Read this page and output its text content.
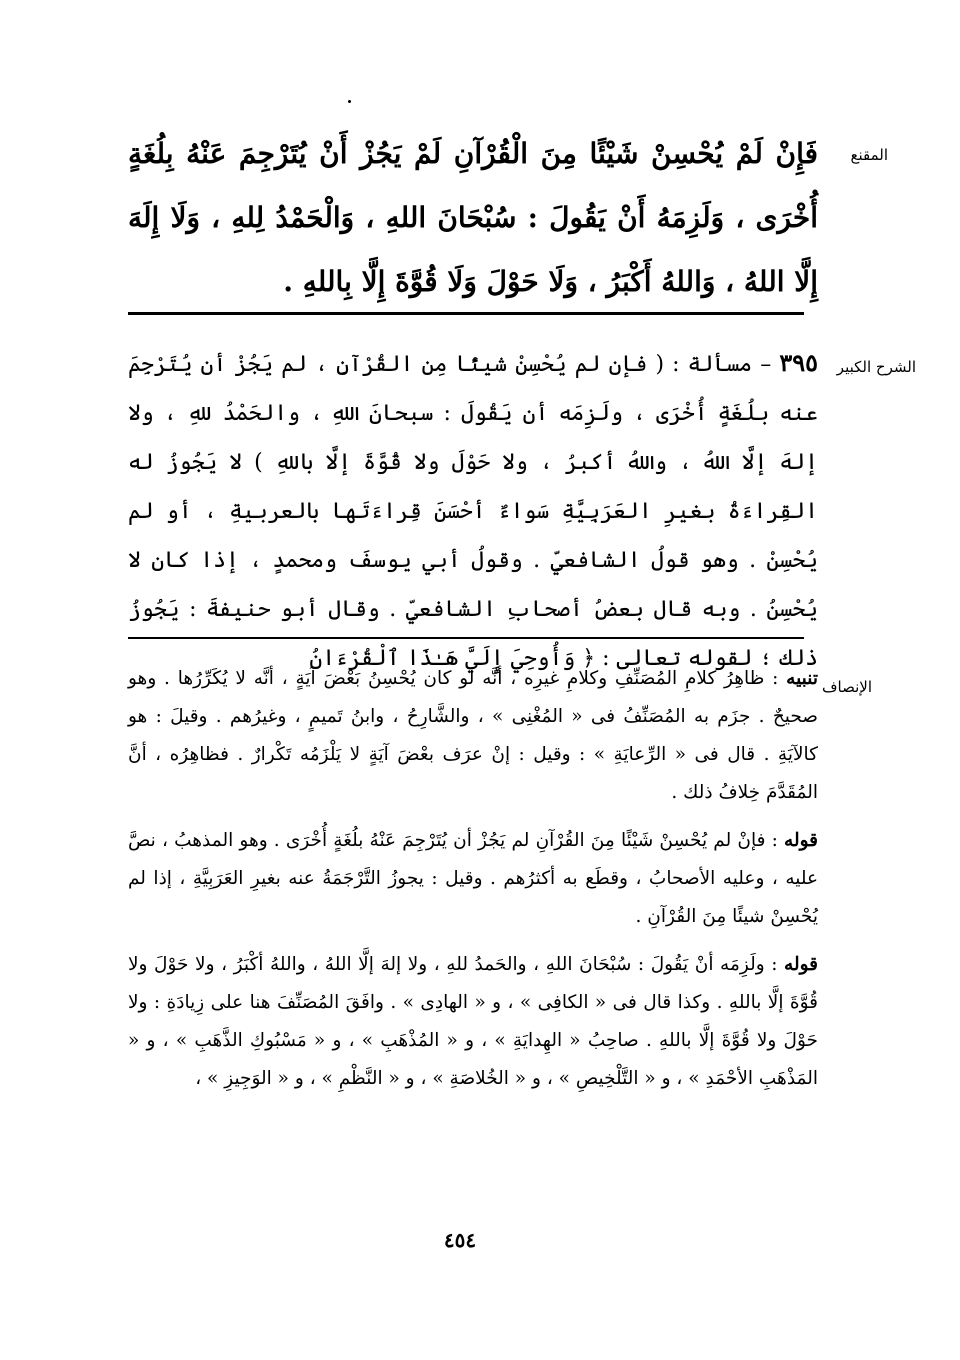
المقنع

فَإِنْ لَمْ يُحْسِنْ شَيْئًا مِنَ الْقُرْآنِ لَمْ يَجُزْ أَنْ يُتَرْجِمَ عَنْهُ بِلُغَةٍ أُخْرَى ، وَلَزِمَهُ أَنْ يَقُولَ : سُبْحَانَ اللهِ ، وَالْحَمْدُ لِلهِ ، وَلَا إِلَهَ إِلَّا اللهُ ، وَاللهُ أَكْبَرُ ، وَلَا حَوْلَ وَلَا قُوَّةَ إِلَّا بِاللهِ .

الشرح الكبير

٣٩٥ – مسألة : ( فإن لم يُحْسِنْ شيئًا مِن القُرْآنِ ، لم يَجُزْ أن يُتَرْجِمَ عنه بلُغَةٍ أُخْرَى ، ولَزِمَه أن يَقُولَ : سبحانَ اللهِ ، والحَمْدُ للهِ ، ولا إلهَ إلَّا اللهُ ، واللهُ أكبرُ ، ولا حَوْلَ ولا قُوَّةَ إلَّا باللهِ ) لا يَجُوزُ له القِراءَةُ بغيرِ العَرَبِيَّةِ سَواءٌ أحْسَنَ قِراءَتَها بالعربيةِ ، أو لم يُحْسِنْ . وهو قولُ الشافعيِّ . وقولُ أبي يوسفَ ومحمدٍ ، إذا كان لا يُحْسِنُ . وبه قال بعضُ أصحابِ الشافعيِّ . وقال أبو حنيفةَ : يَجُوزُ ذلك ؛ لقوله تعالى : ﴿ وَأُوحِيَ إِلَيَّ هَـٰذَا ٱلْقُرْءَانُ

الإنصاف

تنبيه : ظاهِرُ كلامِ المُصَنِّفِ وكلامِ غيرِه ، أنَّه لو كان يُحْسِنُ بَعْضَ آيَةٍ ، أنَّه لا يُكَرِّرُها . وهو صحيحٌ . جزَم به المُصَنِّفُ فى « المُغْنِى » ، والشَّارِحُ ، وابنُ تَميمٍ ، وغيرُهم . وقيلَ : هو كالآيَةِ . قال فى « الرِّعايَةِ » : وقيل : إنْ عرَف بعْضَ آيَةٍ لا يَلْزَمُه تَكْرارٌ . فظاهِرُه ، أنَّ المُقَدَّمَ خِلافُ ذلك .

قوله : فإنْ لم يُحْسِنْ شَيْئًا مِنَ القُرْآنِ لم يَجُزْ أن يُتَرْجِمَ عَنْهُ بلُغَةٍ أُخْرَى . وهو المذهبُ ، نصَّ عليه ، وعليه الأصحابُ ، وقطَع به أكثرُهم . وقيل : يجوزُ التَّرْجَمَةُ عنه بغيرِ العَرَبِيَّةِ ، إذا لم يُحْسِنْ شيئًا مِنَ القُرْآنِ .

قوله : ولَزِمَه أنْ يَقُولَ : سُبْحَانَ اللهِ ، والحَمدُ للهِ ، ولا إلهَ إلَّا اللهُ ، واللهُ أكْبَرُ ، ولا حَوْلَ ولا قُوَّةَ إلَّا باللهِ . وكذا قال فى « الكافِى » ، و « الهادِى » . وافَقَ المُصَنِّفَ هنا على زِيادَةِ : ولا حَوْلَ ولا قُوَّةَ إلَّا باللهِ . صاحِبُ « الهِدايَةِ » ، و « المُذْهَبِ » ، و « مَسْبُوكِ الذَّهَبِ » ، و « المَذْهَبِ الأحْمَدِ » ، و « التَّلْخِيصِ » ، و « الخُلاصَةِ » ، و « النَّظْمِ » ، و « الوَجِيزِ » ،

٤٥٤
